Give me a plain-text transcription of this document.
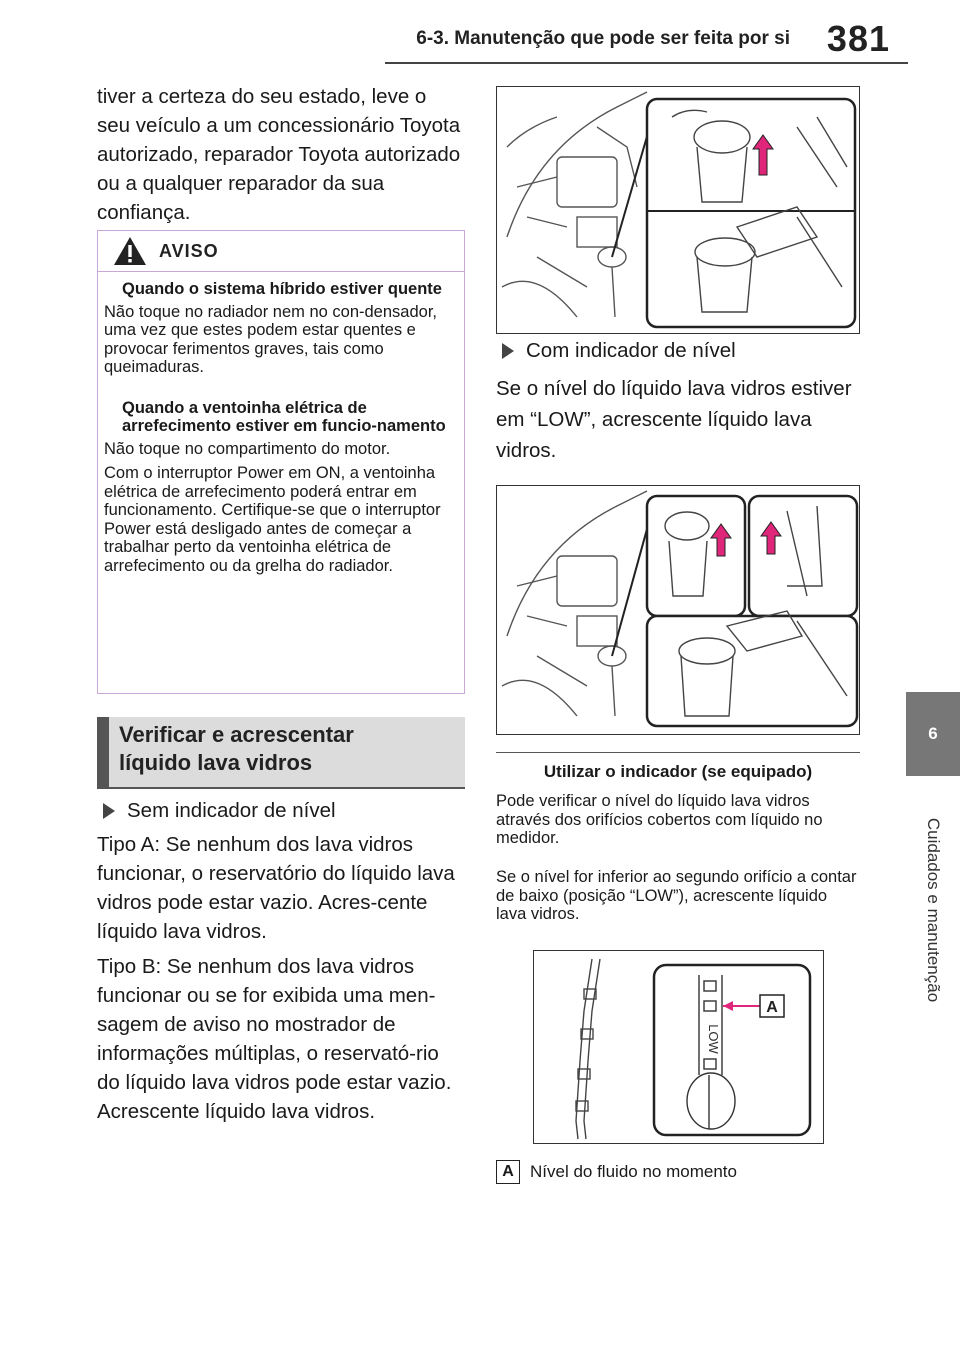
6-3. Manutenção que pode ser feita por si 381
6
Cuidados e manutenção
tiver a certeza do seu estado, leve o seu veículo a um concessionário Toyota autorizado, reparador Toyota autorizado ou a qualquer reparador da sua confiança.
AVISO
Quando o sistema híbrido estiver quente

Não toque no radiador nem no con-densador, uma vez que estes podem estar quentes e provocar ferimentos graves, tais como queimaduras.

Quando a ventoinha elétrica de arrefecimento estiver em funcio-namento

Não toque no compartimento do motor.

Com o interruptor Power em ON, a ventoinha elétrica de arrefecimento poderá entrar em funcionamento. Certifique-se que o interruptor Power está desligado antes de começar a trabalhar perto da ventoinha elétrica de arrefecimento ou da grelha do radiador.

Verificar e acrescentar
líquido lava vidros
Sem indicador de nível
Tipo A: Se nenhum dos lava vidros funcionar, o reservatório do líquido lava vidros pode estar vazio. Acres-cente líquido lava vidros.
Tipo B: Se nenhum dos lava vidros funcionar ou se for exibida uma men-sagem de aviso no mostrador de informações múltiplas, o reservató-rio do líquido lava vidros pode estar vazio. Acrescente líquido lava vidros.
Com indicador de nível
Se o nível do líquido lava vidros estiver em “LOW”, acrescente líquido lava vidros.
Utilizar o indicador (se equipado)
Pode verificar o nível do líquido lava vidros através dos orifícios cobertos com líquido no medidor.
Se o nível for inferior ao segundo orifício a contar de baixo (posição “LOW”), acrescente líquido lava vidros.
LOW
A
A Nível do fluido no momento
